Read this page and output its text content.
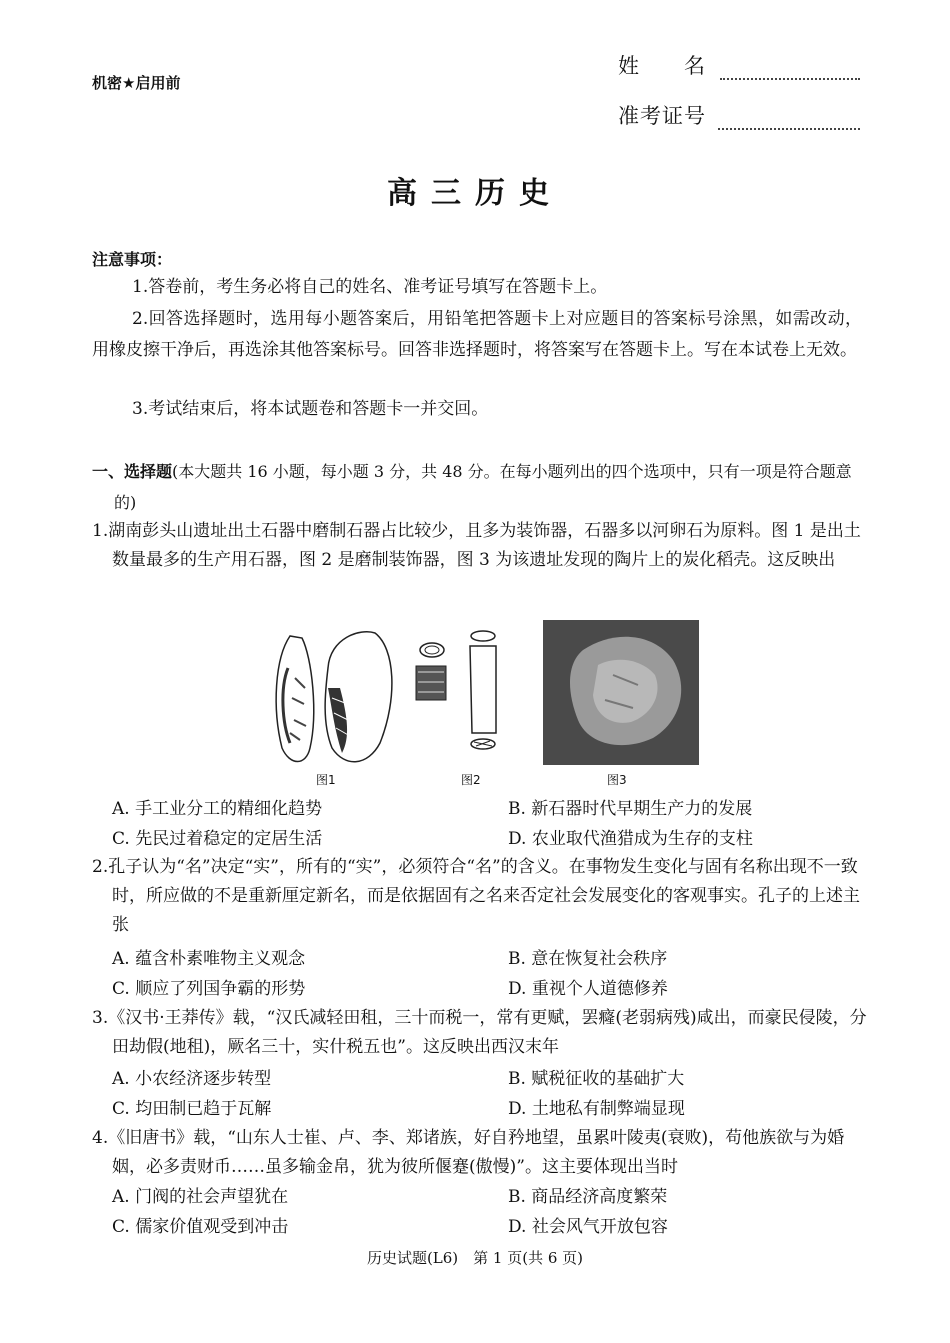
机密★启用前
姓　　名
准考证号
高三历史
注意事项：
1.答卷前，考生务必将自己的姓名、准考证号填写在答题卡上。
2.回答选择题时，选用每小题答案后，用铅笔把答题卡上对应题目的答案标号涂黑，如需改动，用橡皮擦干净后，再选涂其他答案标号。回答非选择题时，将答案写在答题卡上。写在本试卷上无效。
3.考试结束后，将本试题卷和答题卡一并交回。
一、选择题(本大题共 16 小题，每小题 3 分，共 48 分。在每小题列出的四个选项中，只有一项是符合题意的)
1.湖南彭头山遗址出土石器中磨制石器占比较少，且多为装饰器，石器多以河卵石为原料。图 1 是出土数量最多的生产用石器，图 2 是磨制装饰器，图 3 为该遗址发现的陶片上的炭化稻壳。这反映出
图1	图2	图3
A. 手工业分工的精细化趋势	B. 新石器时代早期生产力的发展
C. 先民过着稳定的定居生活	D. 农业取代渔猎成为生存的支柱
2.孔子认为“名”决定“实”，所有的“实”，必须符合“名”的含义。在事物发生变化与固有名称出现不一致时，所应做的不是重新厘定新名，而是依据固有之名来否定社会发展变化的客观事实。孔子的上述主张
A. 蕴含朴素唯物主义观念	B. 意在恢复社会秩序
C. 顺应了列国争霸的形势	D. 重视个人道德修养
3.《汉书·王莽传》载，“汉氏减轻田租，三十而税一，常有更赋，罢癃(老弱病残)咸出，而豪民侵陵，分田劫假(地租)，厥名三十，实什税五也”。这反映出西汉末年
A. 小农经济逐步转型	B. 赋税征收的基础扩大
C. 均田制已趋于瓦解	D. 土地私有制弊端显现
4.《旧唐书》载，“山东人士崔、卢、李、郑诸族，好自矜地望，虽累叶陵夷(衰败)，苟他族欲与为婚姻，必多责财币……虽多输金帛，犹为彼所偃蹇(傲慢)”。这主要体现出当时
A. 门阀的社会声望犹在	B. 商品经济高度繁荣
C. 儒家价值观受到冲击	D. 社会风气开放包容
历史试题(L6)　第 1 页(共 6 页)
